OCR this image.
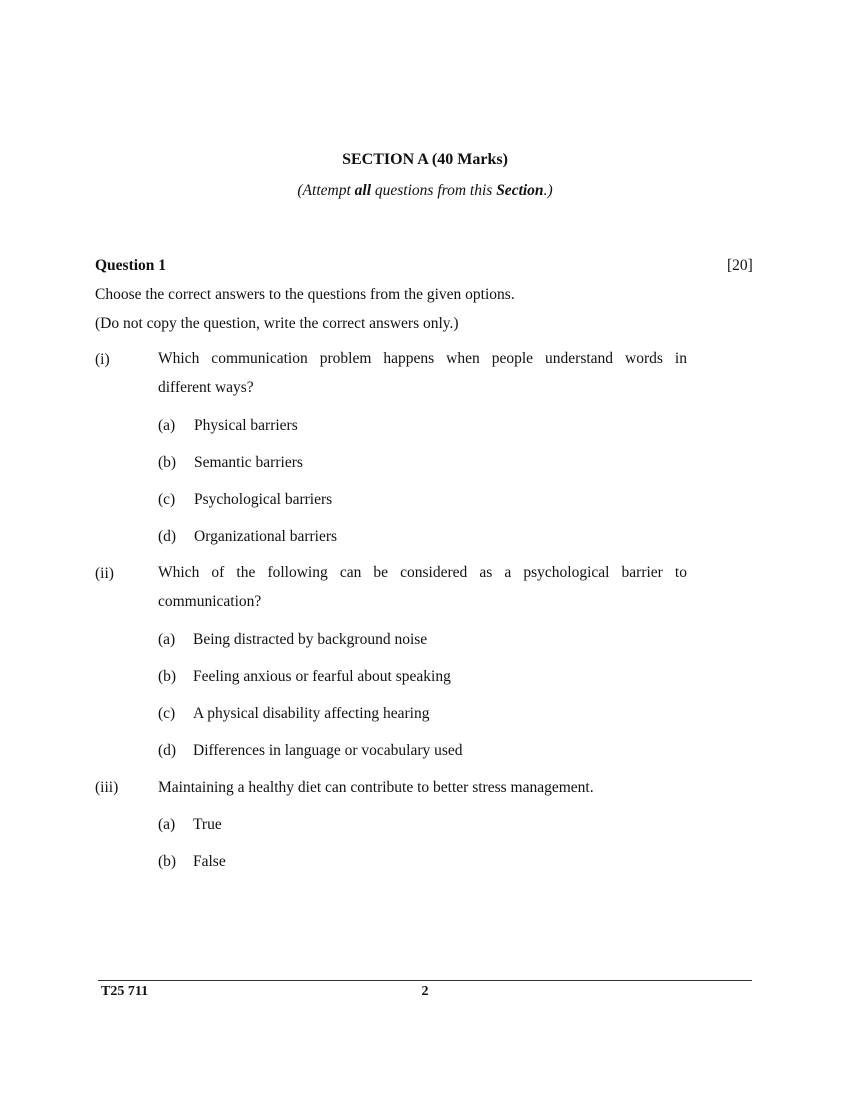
SECTION A (40 Marks)
(Attempt all questions from this Section.)
Question 1	[20]
Choose the correct answers to the questions from the given options.
(Do not copy the question, write the correct answers only.)
(i)	Which communication problem happens when people understand words in
different ways?
(a) Physical barriers
(b) Semantic barriers
(c) Psychological barriers
(d) Organizational barriers
(ii)	Which of the following can be considered as a psychological barrier to
communication?
(a) Being distracted by background noise
(b) Feeling anxious or fearful about speaking
(c) A physical disability affecting hearing
(d) Differences in language or vocabulary used
(iii)	Maintaining a healthy diet can contribute to better stress management.
(a) True
(b) False
T25 711	2
